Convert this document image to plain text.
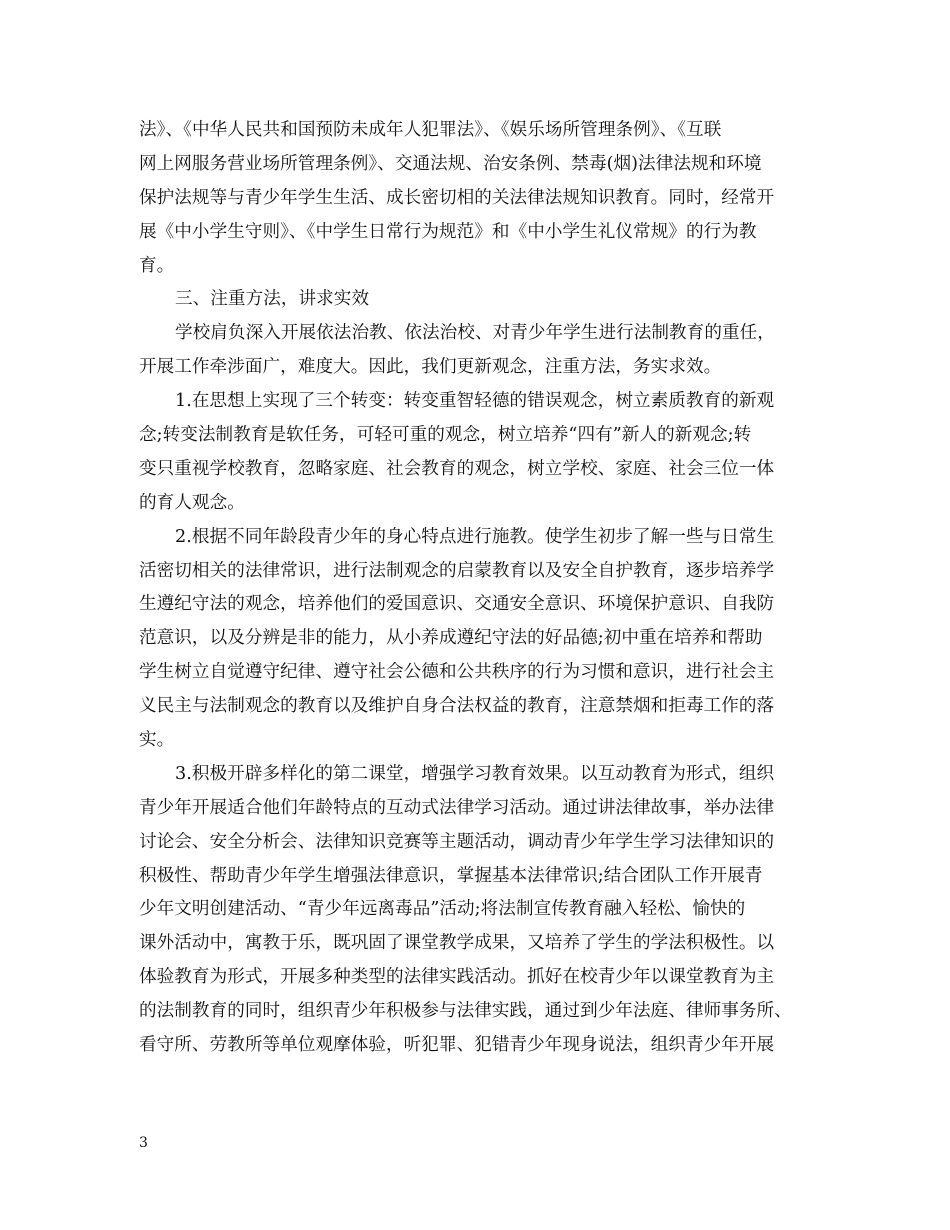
法》、《中华人民共和国预防未成年人犯罪法》、《娱乐场所管理条例》、《互联
网上网服务营业场所管理条例》、交通法规、治安条例、禁毒(烟)法律法规和环境
保护法规等与青少年学生生活、成长密切相的关法律法规知识教育。同时，经常开
展《中小学生守则》、《中学生日常行为规范》和《中小学生礼仪常规》的行为教
育。
三、注重方法，讲求实效
学校肩负深入开展依法治教、依法治校、对青少年学生进行法制教育的重任，
开展工作牵涉面广，难度大。因此，我们更新观念，注重方法，务实求效。
1.在思想上实现了三个转变：转变重智轻德的错误观念，树立素质教育的新观
念;转变法制教育是软任务，可轻可重的观念，树立培养“四有”新人的新观念;转
变只重视学校教育，忽略家庭、社会教育的观念，树立学校、家庭、社会三位一体
的育人观念。
2.根据不同年龄段青少年的身心特点进行施教。使学生初步了解一些与日常生
活密切相关的法律常识，进行法制观念的启蒙教育以及安全自护教育，逐步培养学
生遵纪守法的观念，培养他们的爱国意识、交通安全意识、环境保护意识、自我防
范意识，以及分辨是非的能力，从小养成遵纪守法的好品德;初中重在培养和帮助
学生树立自觉遵守纪律、遵守社会公德和公共秩序的行为习惯和意识，进行社会主
义民主与法制观念的教育以及维护自身合法权益的教育，注意禁烟和拒毒工作的落
实。
3.积极开辟多样化的第二课堂，增强学习教育效果。以互动教育为形式，组织
青少年开展适合他们年龄特点的互动式法律学习活动。通过讲法律故事，举办法律
讨论会、安全分析会、法律知识竞赛等主题活动，调动青少年学生学习法律知识的
积极性、帮助青少年学生增强法律意识，掌握基本法律常识;结合团队工作开展青
少年文明创建活动、“青少年远离毒品”活动;将法制宣传教育融入轻松、愉快的
课外活动中，寓教于乐，既巩固了课堂教学成果，又培养了学生的学法积极性。以
体验教育为形式，开展多种类型的法律实践活动。抓好在校青少年以课堂教育为主
的法制教育的同时，组织青少年积极参与法律实践，通过到少年法庭、律师事务所、
看守所、劳教所等单位观摩体验，听犯罪、犯错青少年现身说法，组织青少年开展
3
